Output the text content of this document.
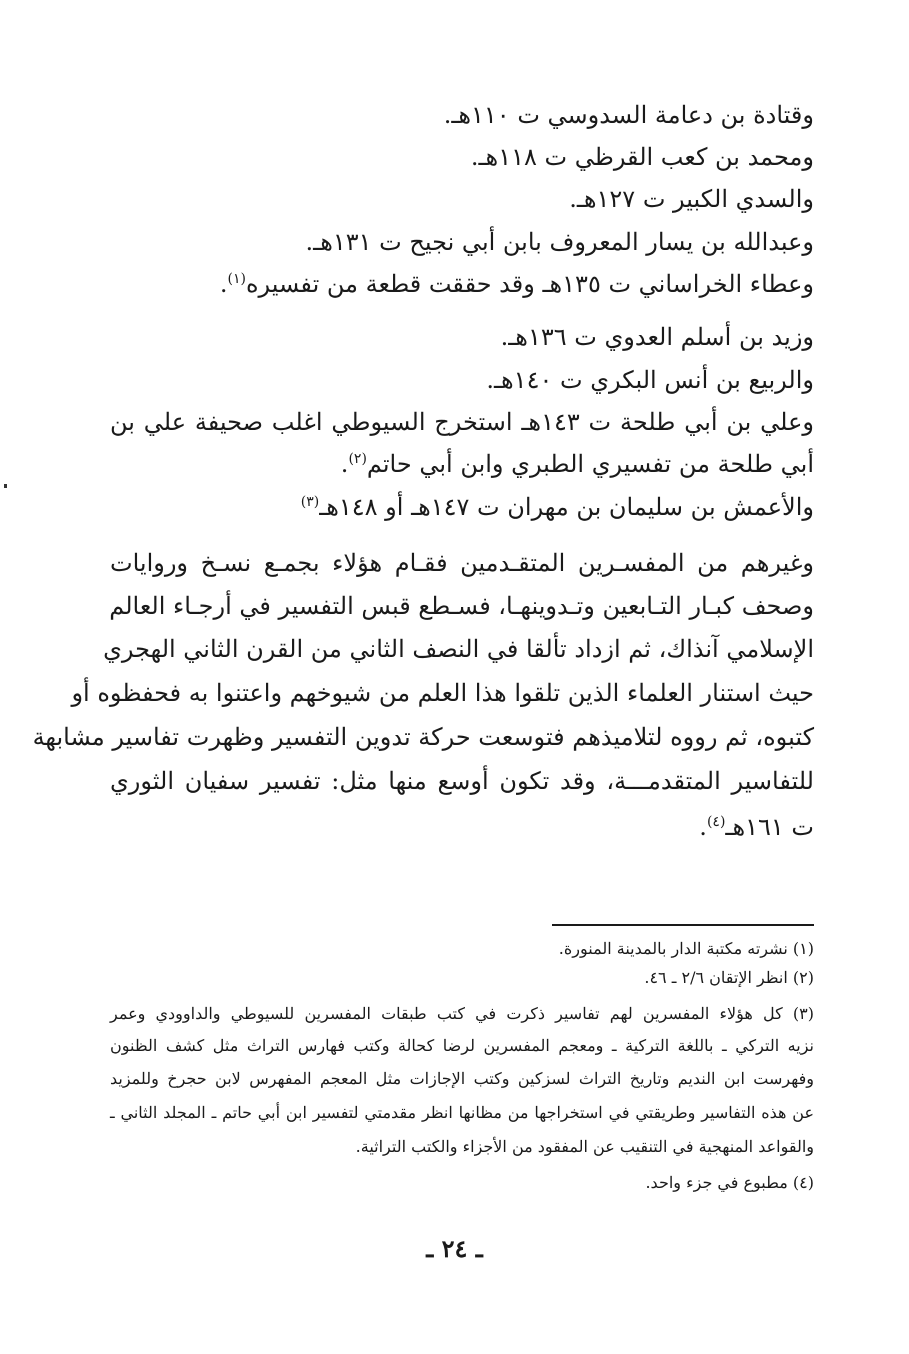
وقتادة بن دعامة السدوسي ت ١١٠هـ.
ومحمد بن كعب القرظي ت ١١٨هـ.
والسدي الكبير ت ١٢٧هـ.
وعبدالله بن يسار المعروف بابن أبي نجيح ت ١٣١هـ.
وعطاء الخراساني ت ١٣٥هـ وقد حققت قطعة من تفسيره$^{(١)}$.
وزيد بن أسلم العدوي ت ١٣٦هـ.
والربيع بن أنس البكري ت ١٤٠هـ.
وعلي بن أبي طلحة ت ١٤٣هـ استخرج السيوطي اغلب صحيفة علي بن
أبي طلحة من تفسيري الطبري وابن أبي حاتم$^{(٢)}$.
والأعمش بن سليمان بن مهران ت ١٤٧هـ أو ١٤٨هـ$^{(٣)}$
وغيرهم من المفسـرين المتقـدمين فقـام هؤلاء بجمـع نسـخ وروايات
وصحف كبـار التـابعين وتـدوينهـا، فسـطع قبس التفسير في أرجـاء العالم
الإسلامي آنذاك، ثم ازداد تألقا في النصف الثاني من القرن الثاني الهجري
حيث استنار العلماء الذين تلقوا هذا العلم من شيوخهم واعتنوا به فحفظوه أو
كتبوه، ثم رووه لتلاميذهم فتوسعت حركة تدوين التفسير وظهرت تفاسير مشابهة
للتفاسير المتقدمـــة، وقد تكون أوسع منها مثل: تفسير سفيان الثوري
ت ١٦١هـ$^{(٤)}$.
(١) نشرته مكتبة الدار بالمدينة المنورة.
(٢) انظر الإتقان ٢/٦ ـ ٤٦.
(٣) كل هؤلاء المفسرين لهم تفاسير ذكرت في كتب طبقات المفسرين للسيوطي والداوودي وعمر
نزيه التركي ـ باللغة التركية ـ ومعجم المفسرين لرضا كحالة وكتب فهارس التراث مثل كشف الظنون
وفهرست ابن النديم وتاريخ التراث لسزكين وكتب الإجازات مثل المعجم المفهرس لابن حجرخ وللمزيد
عن هذه التفاسير وطريقتي في استخراجها من مظانها انظر مقدمتي لتفسير ابن أبي حاتم ـ المجلد الثاني ـ
والقواعد المنهجية في التنقيب عن المفقود من الأجزاء والكتب التراثية.
(٤) مطبوع في جزء واحد.
ـ ٢٤ ـ
